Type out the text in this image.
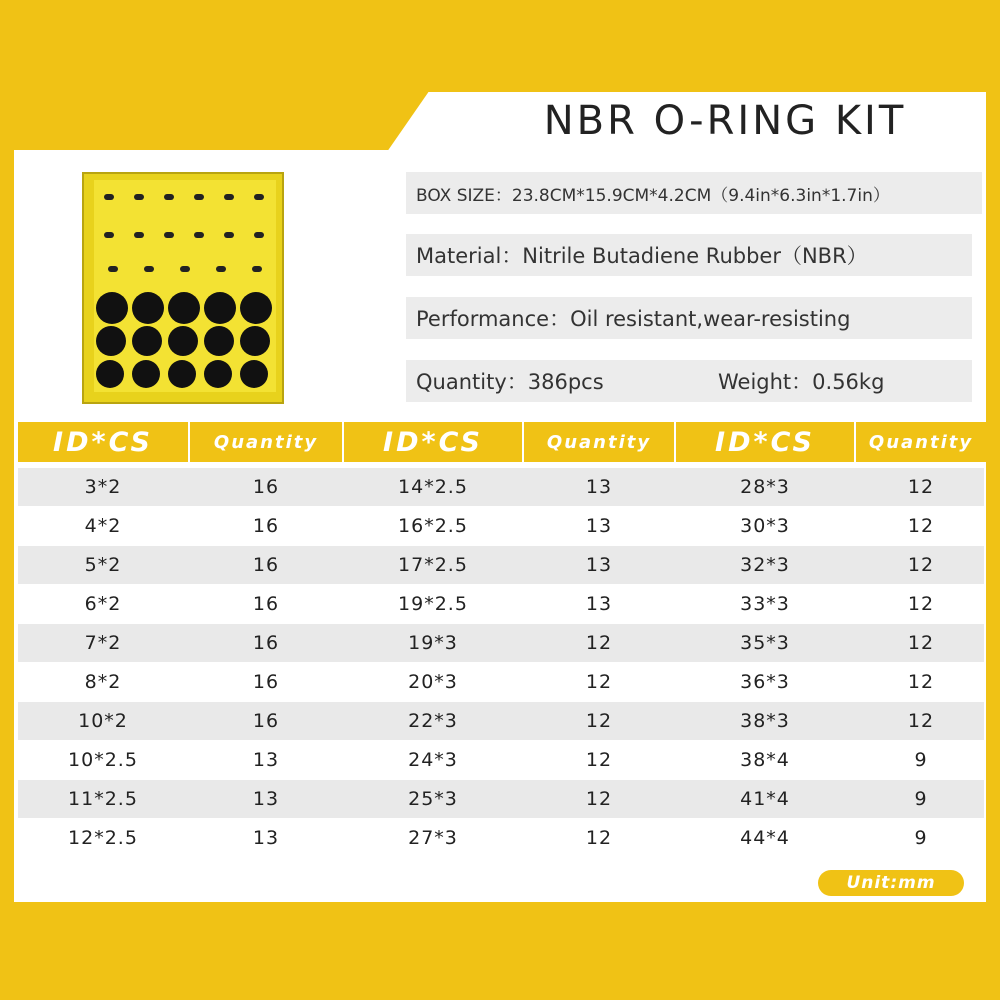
NBR O-RING KIT
BOX SIZE：23.8CM*15.9CM*4.2CM（9.4in*6.3in*1.7in）
Material：Nitrile Butadiene Rubber（NBR）
Performance：Oil resistant,wear-resisting
Quantity：386pcs	Weight：0.56kg
ID*CS	Quantity	ID*CS	Quantity	ID*CS	Quantity
3*2	16	14*2.5	13	28*3	12
4*2	16	16*2.5	13	30*3	12
5*2	16	17*2.5	13	32*3	12
6*2	16	19*2.5	13	33*3	12
7*2	16	19*3	12	35*3	12
8*2	16	20*3	12	36*3	12
10*2	16	22*3	12	38*3	12
10*2.5	13	24*3	12	38*4	9
11*2.5	13	25*3	12	41*4	9
12*2.5	13	27*3	12	44*4	9
Unit:mm
